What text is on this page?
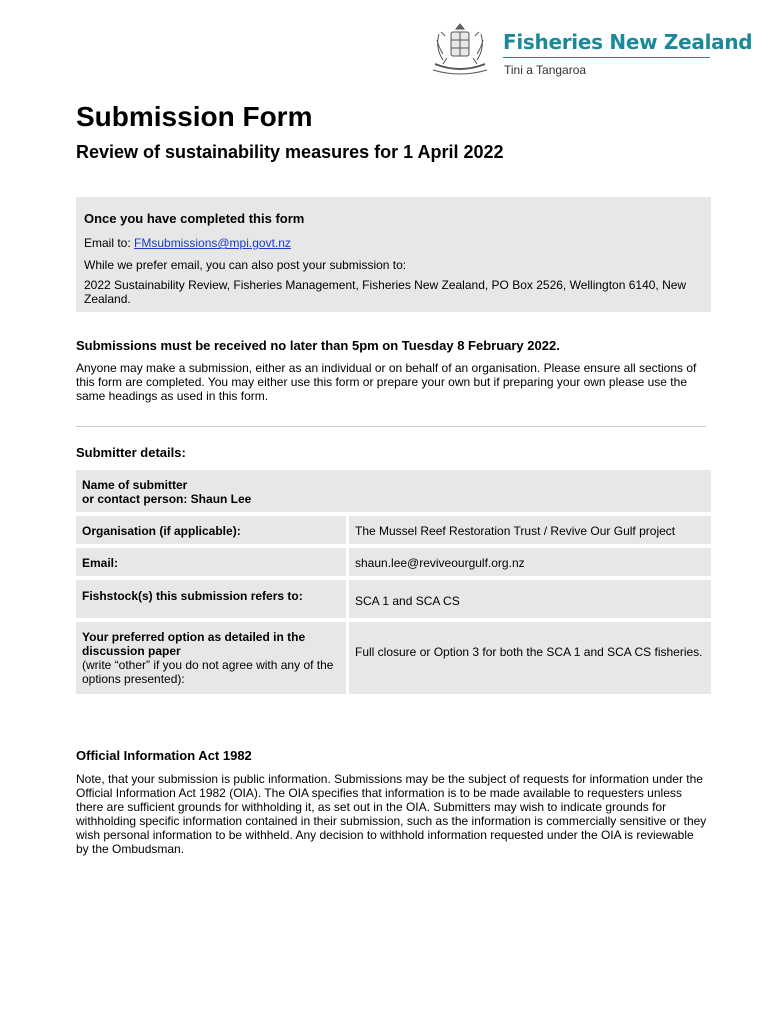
Fisheries New Zealand
Tini a Tangaroa
Submission Form
Review of sustainability measures for 1 April 2022
Once you have completed this form
Email to: FMsubmissions@mpi.govt.nz
While we prefer email, you can also post your submission to:
2022 Sustainability Review, Fisheries Management, Fisheries New Zealand, PO Box 2526, Wellington 6140, New Zealand.
Submissions must be received no later than 5pm on Tuesday 8 February 2022.
Anyone may make a submission, either as an individual or on behalf of an organisation. Please ensure all sections of this form are completed. You may either use this form or prepare your own but if preparing your own please use the same headings as used in this form.
Submitter details:
Name of submitter
or contact person: Shaun Lee
Organisation (if applicable):	The Mussel Reef Restoration Trust / Revive Our Gulf project
Email:	shaun.lee@reviveourgulf.org.nz
Fishstock(s) this submission refers to:	SCA 1 and SCA CS
Your preferred option as detailed in the discussion paper
(write “other” if you do not agree with any of the options presented):
Full closure or Option 3 for both the SCA 1 and SCA CS fisheries.
Official Information Act 1982
Note, that your submission is public information. Submissions may be the subject of requests for information under the Official Information Act 1982 (OIA). The OIA specifies that information is to be made available to requesters unless there are sufficient grounds for withholding it, as set out in the OIA. Submitters may wish to indicate grounds for withholding specific information contained in their submission, such as the information is commercially sensitive or they wish personal information to be withheld. Any decision to withhold information requested under the OIA is reviewable by the Ombudsman.
